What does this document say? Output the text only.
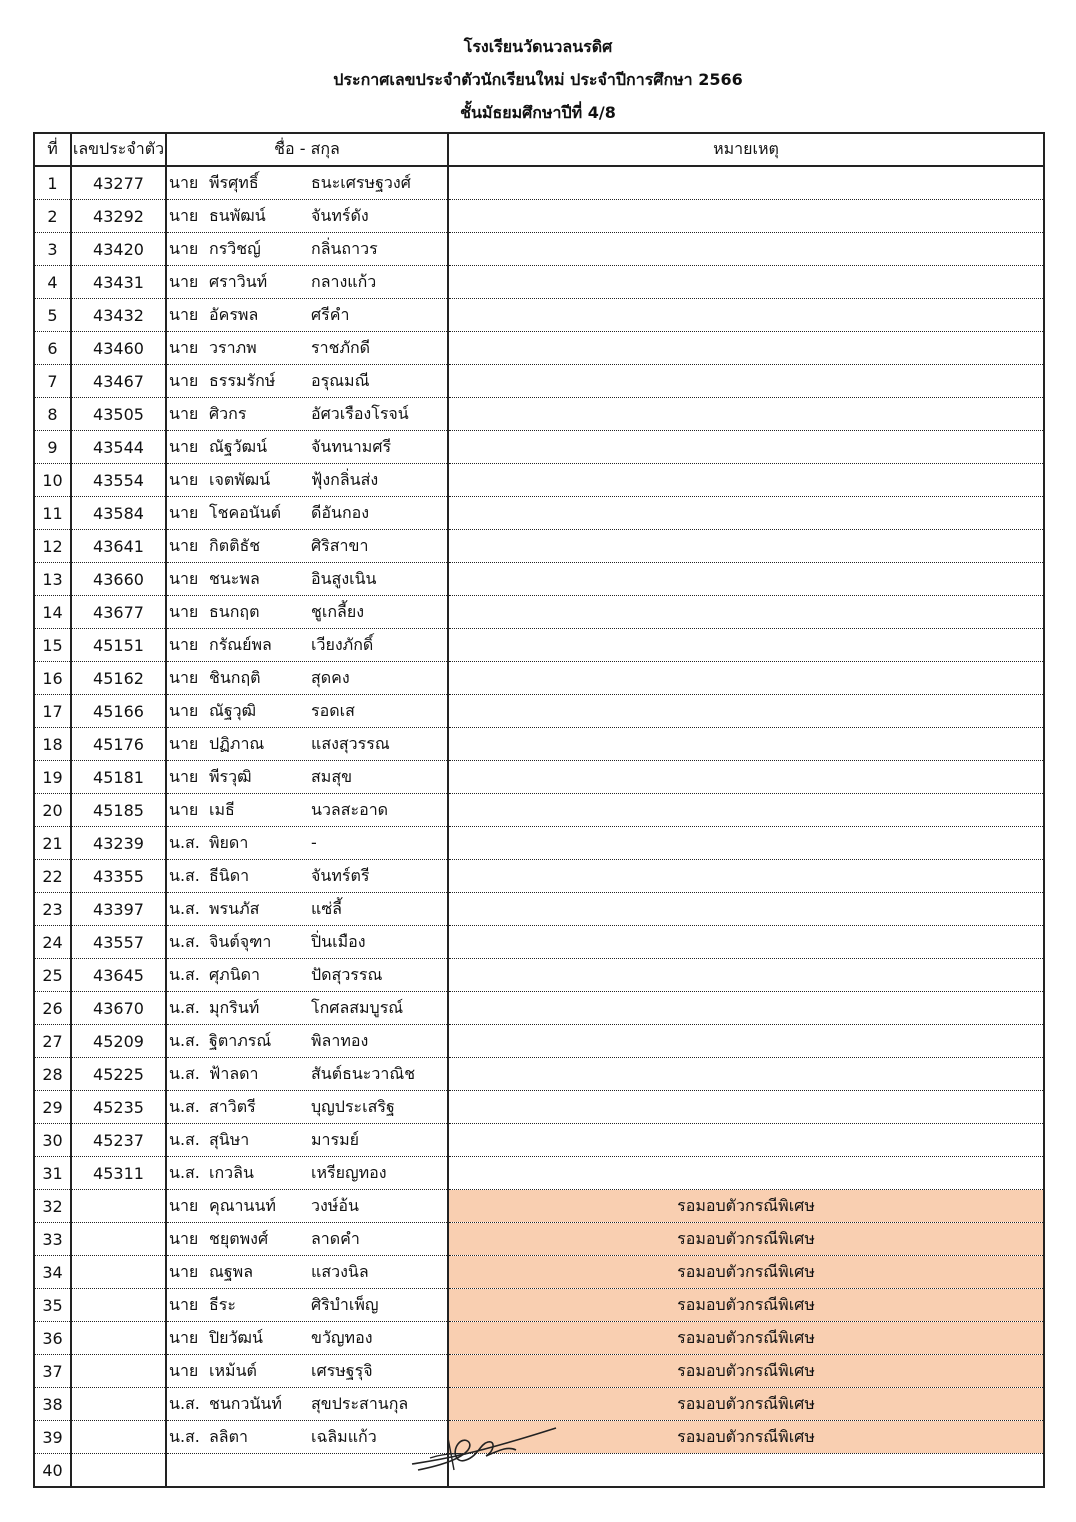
โรงเรียนวัดนวลนรดิศ
ประกาศเลขประจำตัวนักเรียนใหม่ ประจำปีการศึกษา 2566
ชั้นมัธยมศึกษาปีที่ 4/8
ที่	เลขประจำตัว	ชื่อ - สกุล	หมายเหตุ
1	43277	นาย พีรศุทธิ์ ธนะเศรษฐวงศ์	
2	43292	นาย ธนพัฒน์ จันทร์ดัง	
3	43420	นาย กรวิชญ์ กลิ่นถาวร	
4	43431	นาย ศราวินท์ กลางแก้ว	
5	43432	นาย อัครพล ศรีคำ	
6	43460	นาย วราภพ ราชภักดี	
7	43467	นาย ธรรมรักษ์ อรุณมณี	
8	43505	นาย ศิวกร อัศวเรืองโรจน์	
9	43544	นาย ณัฐวัฒน์ จันทนามศรี	
10	43554	นาย เจตพัฒน์ ฟุ้งกลิ่นส่ง	
11	43584	นาย โชคอนันต์ ดีอันกอง	
12	43641	นาย กิตติธัช ศิริสาขา	
13	43660	นาย ชนะพล อินสูงเนิน	
14	43677	นาย ธนกฤต ชูเกลี้ยง	
15	45151	นาย กรัณย์พล เวียงภักดิ์	
16	45162	นาย ชินกฤติ สุดคง	
17	45166	นาย ณัฐวุฒิ รอดเส	
18	45176	นาย ปฏิภาณ แสงสุวรรณ	
19	45181	นาย พีรวุฒิ สมสุข	
20	45185	นาย เมธี นวลสะอาด	
21	43239	น.ส. พิยดา -	
22	43355	น.ส. ธีนิดา จันทร์ตรี	
23	43397	น.ส. พรนภัส แซ่ลี้	
24	43557	น.ส. จินต์จุฑา ปิ่นเมือง	
25	43645	น.ส. ศุภนิดา ปัดสุวรรณ	
26	43670	น.ส. มุกรินท์ โกศลสมบูรณ์	
27	45209	น.ส. ฐิตาภรณ์ พิลาทอง	
28	45225	น.ส. ฟ้าลดา สันต์ธนะวาณิช	
29	45235	น.ส. สาวิตรี บุญประเสริฐ	
30	45237	น.ส. สุนิษา มารมย์	
31	45311	น.ส. เกวลิน เหรียญทอง	
32		นาย คุณานนท์ วงษ์อ้น	รอมอบตัวกรณีพิเศษ
33		นาย ชยุตพงศ์ ลาดคำ	รอมอบตัวกรณีพิเศษ
34		นาย ณฐพล แสวงนิล	รอมอบตัวกรณีพิเศษ
35		นาย ธีระ ศิริบำเพ็ญ	รอมอบตัวกรณีพิเศษ
36		นาย ปิยวัฒน์ ขวัญทอง	รอมอบตัวกรณีพิเศษ
37		นาย เหม้นต์ เศรษฐรุจิ	รอมอบตัวกรณีพิเศษ
38		น.ส. ชนกวนันท์ สุขประสานกุล	รอมอบตัวกรณีพิเศษ
39		น.ส. ลลิตา เฉลิมแก้ว	รอมอบตัวกรณีพิเศษ
40			
